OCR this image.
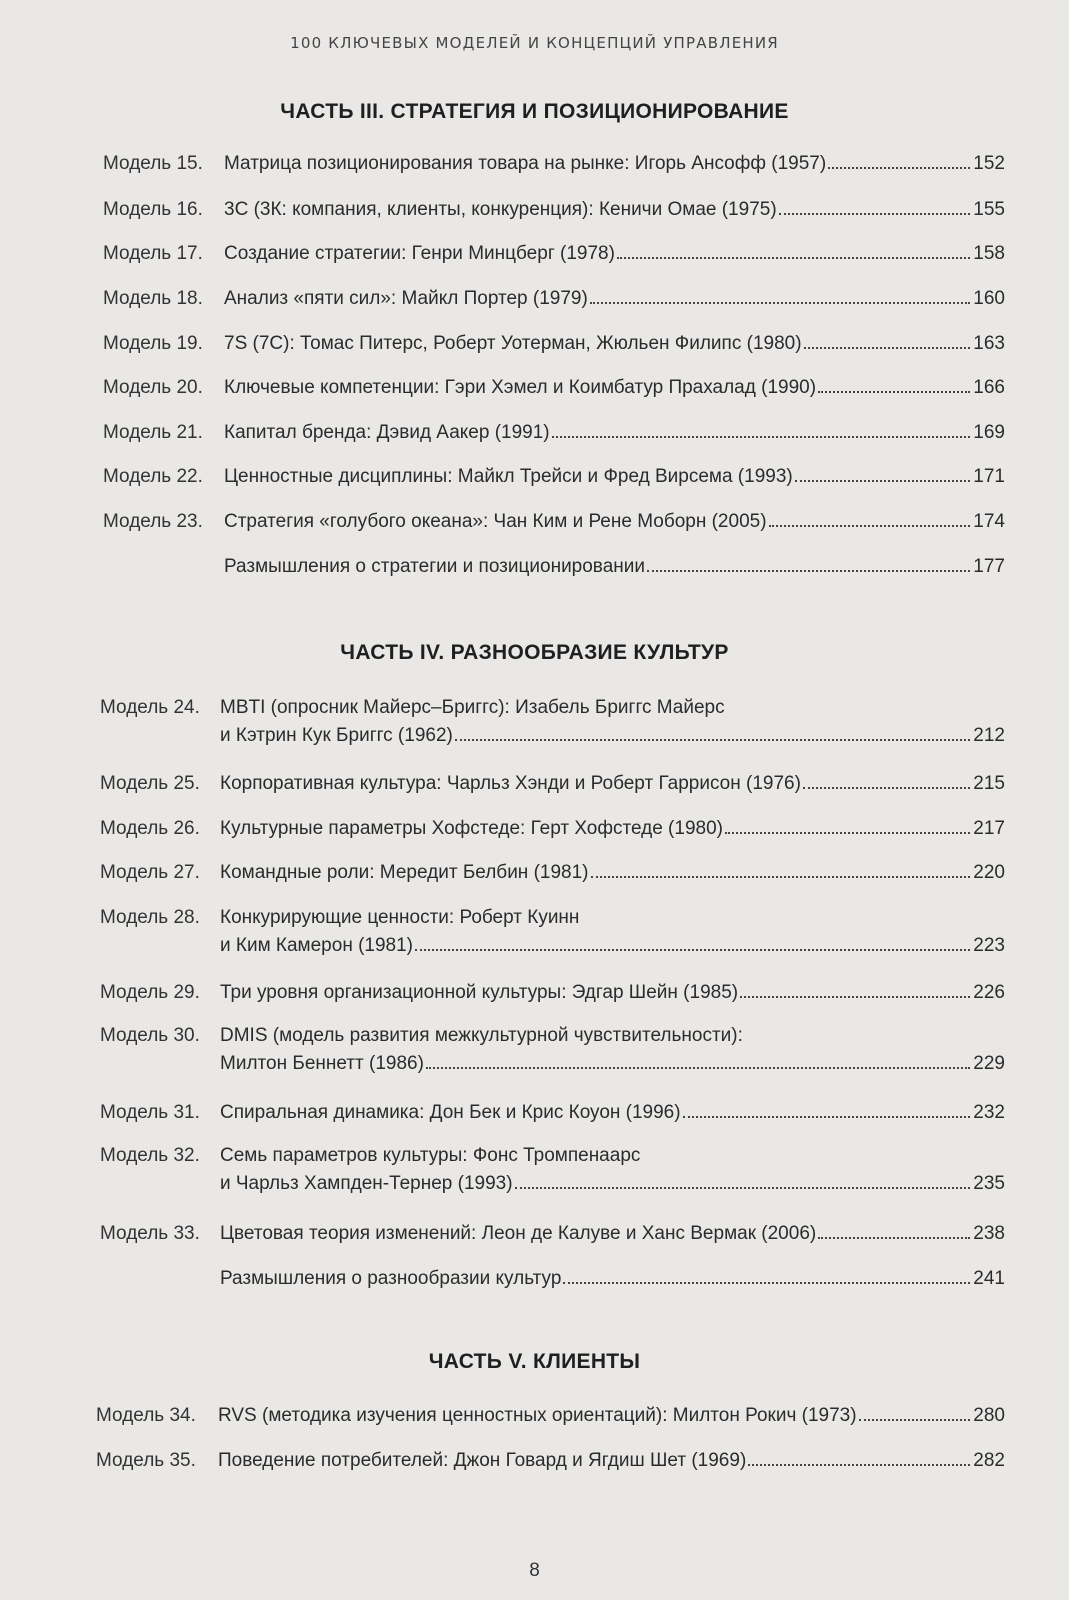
100 КЛЮЧЕВЫХ МОДЕЛЕЙ И КОНЦЕПЦИЙ УПРАВЛЕНИЯ
ЧАСТЬ III. СТРАТЕГИЯ И ПОЗИЦИОНИРОВАНИЕ
Модель 15. Матрица позиционирования товара на рынке: Игорь Ансофф (1957)	152
Модель 16. 3С (3К: компания, клиенты, конкуренция): Кеничи Омае (1975)	155
Модель 17. Создание стратегии: Генри Минцберг (1978)	158
Модель 18. Анализ «пяти сил»: Майкл Портер (1979)	160
Модель 19. 7S (7С): Томас Питерс, Роберт Уотерман, Жюльен Филипс (1980)	163
Модель 20. Ключевые компетенции: Гэри Хэмел и Коимбатур Прахалад (1990)	166
Модель 21. Капитал бренда: Дэвид Аакер (1991)	169
Модель 22. Ценностные дисциплины: Майкл Трейси и Фред Вирсема (1993)	171
Модель 23. Стратегия «голубого океана»: Чан Ким и Рене Моборн (2005)	174
Размышления о стратегии и позиционировании	177
ЧАСТЬ IV. РАЗНООБРАЗИЕ КУЛЬТУР
Модель 24. MBTI (опросник Майерс–Бриггс): Изабель Бриггс Майерс
и Кэтрин Кук Бриггс (1962)	212
Модель 25. Корпоративная культура: Чарльз Хэнди и Роберт Гаррисон (1976)	215
Модель 26. Культурные параметры Хофстеде: Герт Хофстеде (1980)	217
Модель 27. Командные роли: Мередит Белбин (1981)	220
Модель 28. Конкурирующие ценности: Роберт Куинн
и Ким Камерон (1981)	223
Модель 29. Три уровня организационной культуры: Эдгар Шейн (1985)	226
Модель 30. DMIS (модель развития межкультурной чувствительности):
Милтон Беннетт (1986)	229
Модель 31. Спиральная динамика: Дон Бек и Крис Коуон (1996)	232
Модель 32. Семь параметров культуры: Фонс Тромпенаарс
и Чарльз Хампден-Тернер (1993)	235
Модель 33. Цветовая теория изменений: Леон де Калуве и Ханс Вермак (2006)	238
Размышления о разнообразии культур	241
ЧАСТЬ V. КЛИЕНТЫ
Модель 34. RVS (методика изучения ценностных ориентаций): Милтон Рокич (1973)	280
Модель 35. Поведение потребителей: Джон Говард и Ягдиш Шет (1969)	282
8
